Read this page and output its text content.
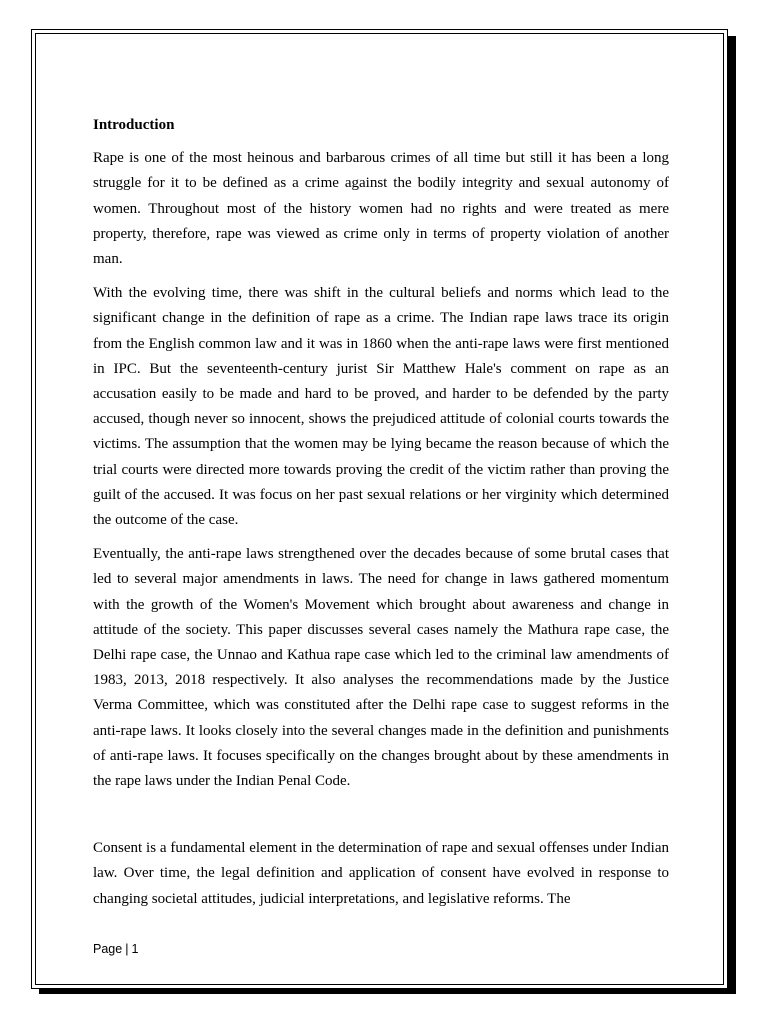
Introduction

Rape is one of the most heinous and barbarous crimes of all time but still it has been a long struggle for it to be defined as a crime against the bodily integrity and sexual autonomy of women. Throughout most of the history women had no rights and were treated as mere property, therefore, rape was viewed as crime only in terms of property violation of another man.

With the evolving time, there was shift in the cultural beliefs and norms which lead to the significant change in the definition of rape as a crime. The Indian rape laws trace its origin from the English common law and it was in 1860 when the anti-rape laws were first mentioned in IPC. But the seventeenth-century jurist Sir Matthew Hale's comment on rape as an accusation easily to be made and hard to be proved, and harder to be defended by the party accused, though never so innocent, shows the prejudiced attitude of colonial courts towards the victims. The assumption that the women may be lying became the reason because of which the trial courts were directed more towards proving the credit of the victim rather than proving the guilt of the accused. It was focus on her past sexual relations or her virginity which determined the outcome of the case.

Eventually, the anti-rape laws strengthened over the decades because of some brutal cases that led to several major amendments in laws. The need for change in laws gathered momentum with the growth of the Women's Movement which brought about awareness and change in attitude of the society. This paper discusses several cases namely the Mathura rape case, the Delhi rape case, the Unnao and Kathua rape case which led to the criminal law amendments of 1983, 2013, 2018 respectively. It also analyses the recommendations made by the Justice Verma Committee, which was constituted after the Delhi rape case to suggest reforms in the anti-rape laws. It looks closely into the several changes made in the definition and punishments of anti-rape laws. It focuses specifically on the changes brought about by these amendments in the rape laws under the Indian Penal Code.

Consent is a fundamental element in the determination of rape and sexual offenses under Indian law. Over time, the legal definition and application of consent have evolved in response to changing societal attitudes, judicial interpretations, and legislative reforms. The

Page | 1
